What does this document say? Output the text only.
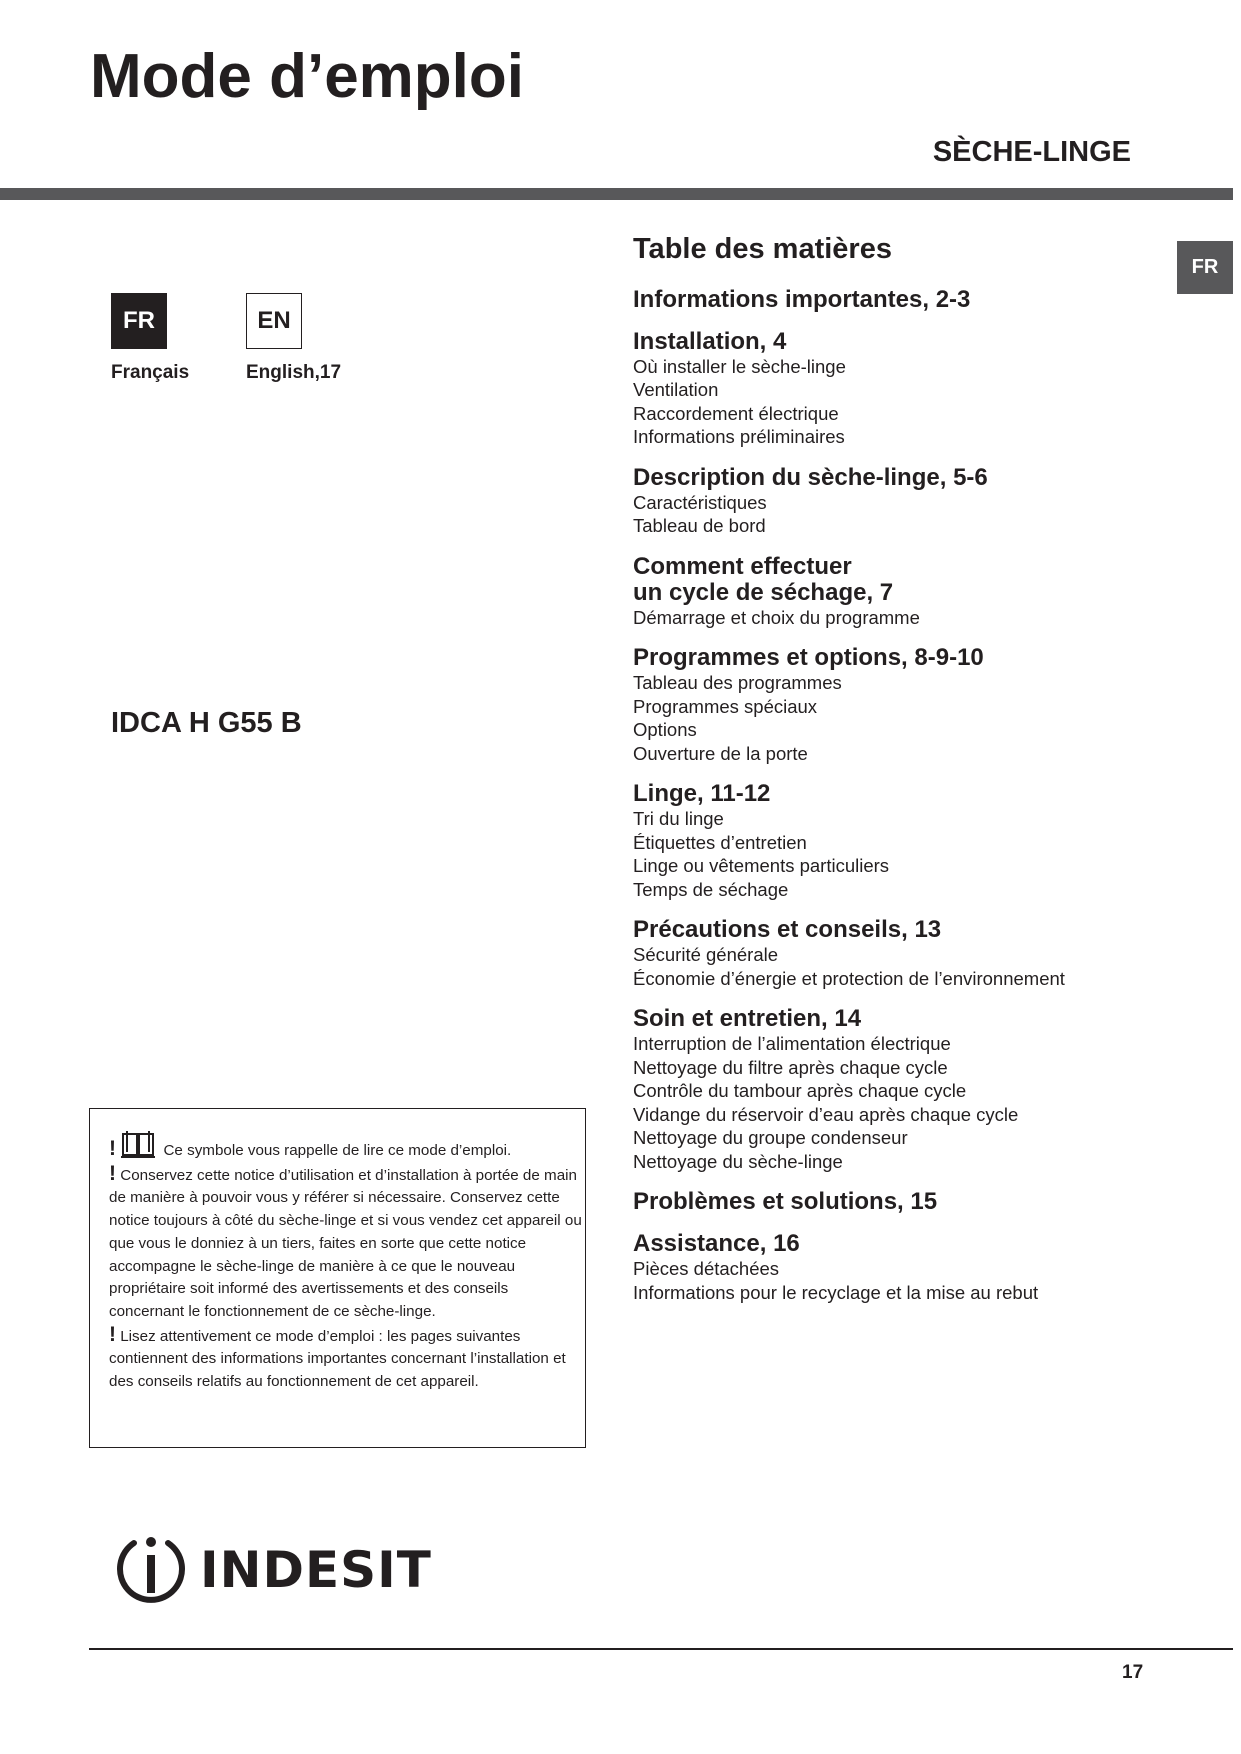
Mode d’emploi
SÈCHE-LINGE
FR
FR	EN
Français	English,17
IDCA H G55 B
Table des matières

Informations importantes, 2-3

Installation, 4

Où installer le sèche-linge

Ventilation

Raccordement électrique

Informations préliminaires

Description du sèche-linge, 5-6

Caractéristiques

Tableau de bord

Comment effectuer

un cycle de séchage, 7

Démarrage et choix du programme

Programmes et options, 8-9-10

Tableau des programmes

Programmes spéciaux

Options

Ouverture de la porte

Linge, 11-12

Tri du linge

Étiquettes d’entretien

Linge ou vêtements particuliers

Temps de séchage

Précautions et conseils, 13

Sécurité générale

Économie d’énergie et protection de l’environnement

Soin et entretien, 14

Interruption de l’alimentation électrique

Nettoyage du filtre après chaque cycle

Contrôle du tambour après chaque cycle

Vidange du réservoir d’eau après chaque cycle

Nettoyage du groupe condenseur

Nettoyage du sèche-linge

Problèmes et solutions, 15

Assistance, 16

Pièces détachées

Informations pour le recyclage et la mise au rebut

!	Ce symbole vous rappelle de lire ce mode d’emploi.
! Conservez cette notice d’utilisation et d’installation à portée de main de manière à pouvoir vous y référer si nécessaire. Conservez cette notice toujours à côté du sèche-linge et si vous vendez cet appareil ou que vous le donniez à un tiers, faites en sorte que cette notice accompagne le sèche-linge de manière à ce que le nouveau propriétaire soit informé des avertissements et des conseils concernant le fonctionnement de ce sèche-linge.
! Lisez attentivement ce mode d’emploi : les pages suivantes contiennent des informations importantes concernant l’installation et des conseils relatifs au fonctionnement de cet appareil.
INDESIT
17
